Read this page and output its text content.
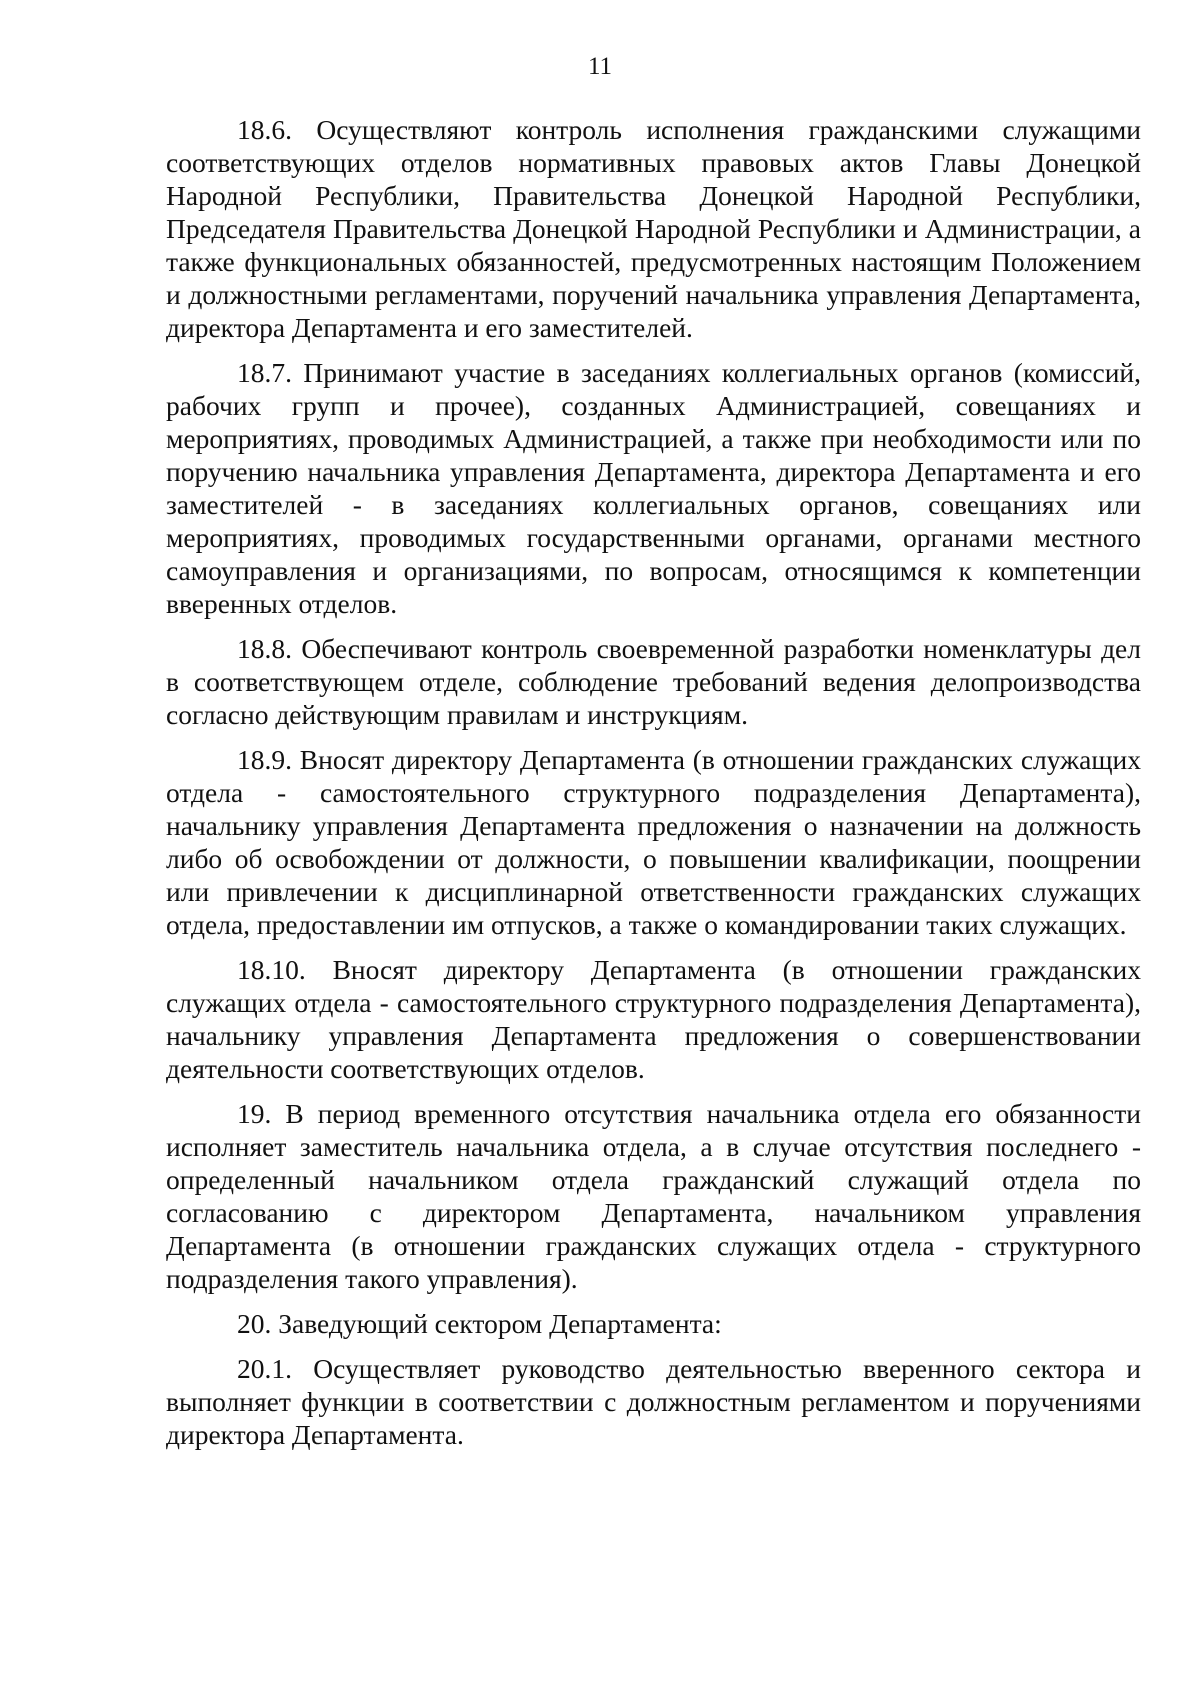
11

18.6. Осуществляют контроль исполнения гражданскими служащими соответствующих отделов нормативных правовых актов Главы Донецкой Народной Республики, Правительства Донецкой Народной Республики, Председателя Правительства Донецкой Народной Республики и Администрации, а также функциональных обязанностей, предусмотренных настоящим Положением и должностными регламентами, поручений начальника управления Департамента, директора Департамента и его заместителей.

18.7. Принимают участие в заседаниях коллегиальных органов (комиссий, рабочих групп и прочее), созданных Администрацией, совещаниях и мероприятиях, проводимых Администрацией, а также при необходимости или по поручению начальника управления Департамента, директора Департамента и его заместителей - в заседаниях коллегиальных органов, совещаниях или мероприятиях, проводимых государственными органами, органами местного самоуправления и организациями, по вопросам, относящимся к компетенции вверенных отделов.

18.8. Обеспечивают контроль своевременной разработки номенклатуры дел в соответствующем отделе, соблюдение требований ведения делопроизводства согласно действующим правилам и инструкциям.

18.9. Вносят директору Департамента (в отношении гражданских служащих отдела - самостоятельного структурного подразделения Департамента), начальнику управления Департамента предложения о назначении на должность либо об освобождении от должности, о повышении квалификации, поощрении или привлечении к дисциплинарной ответственности гражданских служащих отдела, предоставлении им отпусков, а также о командировании таких служащих.

18.10. Вносят директору Департамента (в отношении гражданских служащих отдела - самостоятельного структурного подразделения Департамента), начальнику управления Департамента предложения о совершенствовании деятельности соответствующих отделов.

19. В период временного отсутствия начальника отдела его обязанности исполняет заместитель начальника отдела, а в случае отсутствия последнего - определенный начальником отдела гражданский служащий отдела по согласованию с директором Департамента, начальником управления Департамента (в отношении гражданских служащих отдела - структурного подразделения такого управления).

20. Заведующий сектором Департамента:

20.1. Осуществляет руководство деятельностью вверенного сектора и выполняет функции в соответствии с должностным регламентом и поручениями директора Департамента.
